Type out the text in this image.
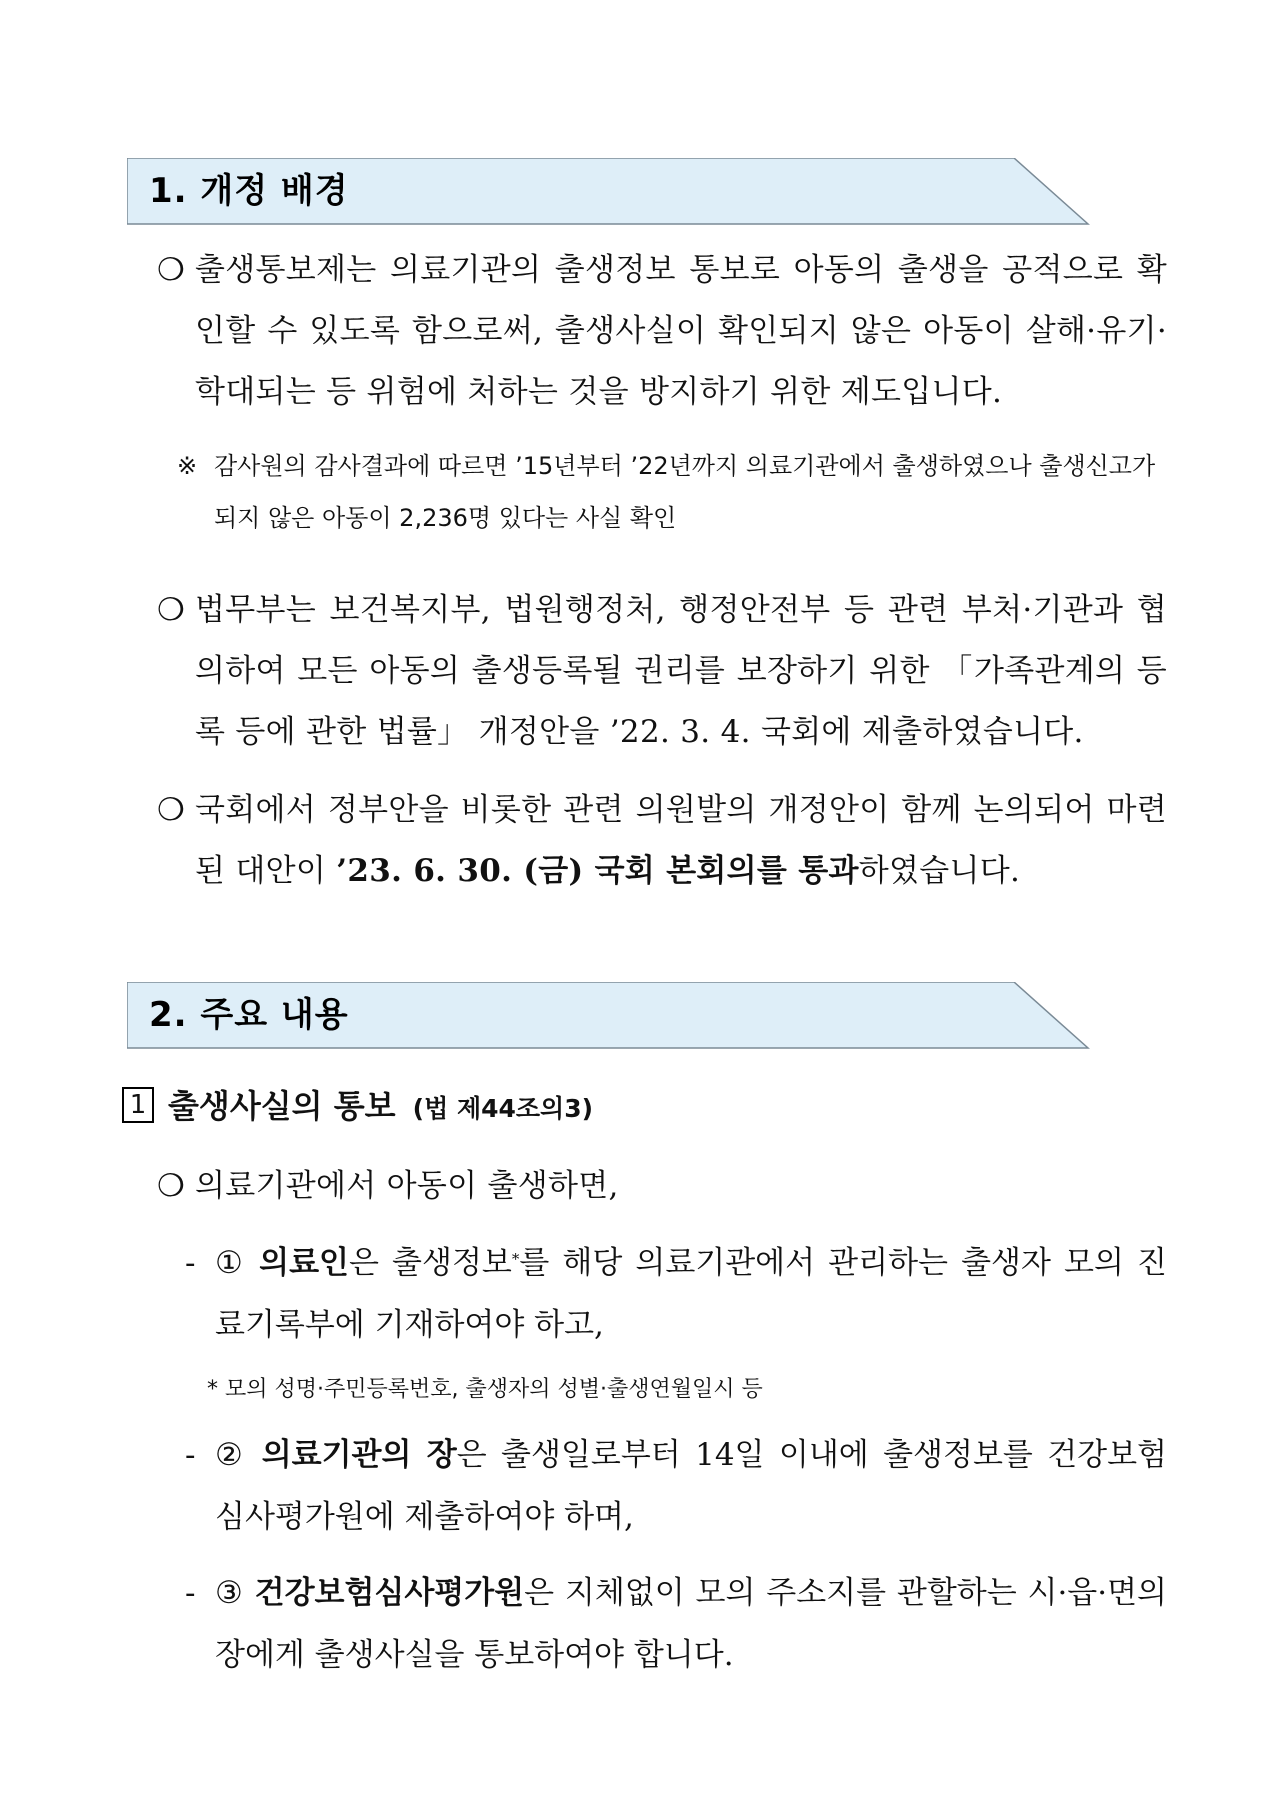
1. 개정 배경
❍ 출생통보제는 의료기관의 출생정보 통보로 아동의 출생을 공적으로 확인할 수 있도록 함으로써, 출생사실이 확인되지 않은 아동이 살해·유기·학대되는 등 위험에 처하는 것을 방지하기 위한 제도입니다.
※ 감사원의 감사결과에 따르면 ’15년부터 ’22년까지 의료기관에서 출생하였으나 출생신고가 되지 않은 아동이 2,236명 있다는 사실 확인
❍ 법무부는 보건복지부, 법원행정처, 행정안전부 등 관련 부처·기관과 협의하여 모든 아동의 출생등록될 권리를 보장하기 위한 「가족관계의 등록 등에 관한 법률」 개정안을 ’22. 3. 4. 국회에 제출하였습니다.
❍ 국회에서 정부안을 비롯한 관련 의원발의 개정안이 함께 논의되어 마련된 대안이 ’23. 6. 30. (금) 국회 본회의를 통과하였습니다.
2. 주요 내용
1 출생사실의 통보 (법 제44조의3)
❍ 의료기관에서 아동이 출생하면,
- ① 의료인은 출생정보*를 해당 의료기관에서 관리하는 출생자 모의 진료기록부에 기재하여야 하고,
* 모의 성명·주민등록번호, 출생자의 성별·출생연월일시 등
- ② 의료기관의 장은 출생일로부터 14일 이내에 출생정보를 건강보험 심사평가원에 제출하여야 하며,
- ③ 건강보험심사평가원은 지체없이 모의 주소지를 관할하는 시·읍·면의 장에게 출생사실을 통보하여야 합니다.
